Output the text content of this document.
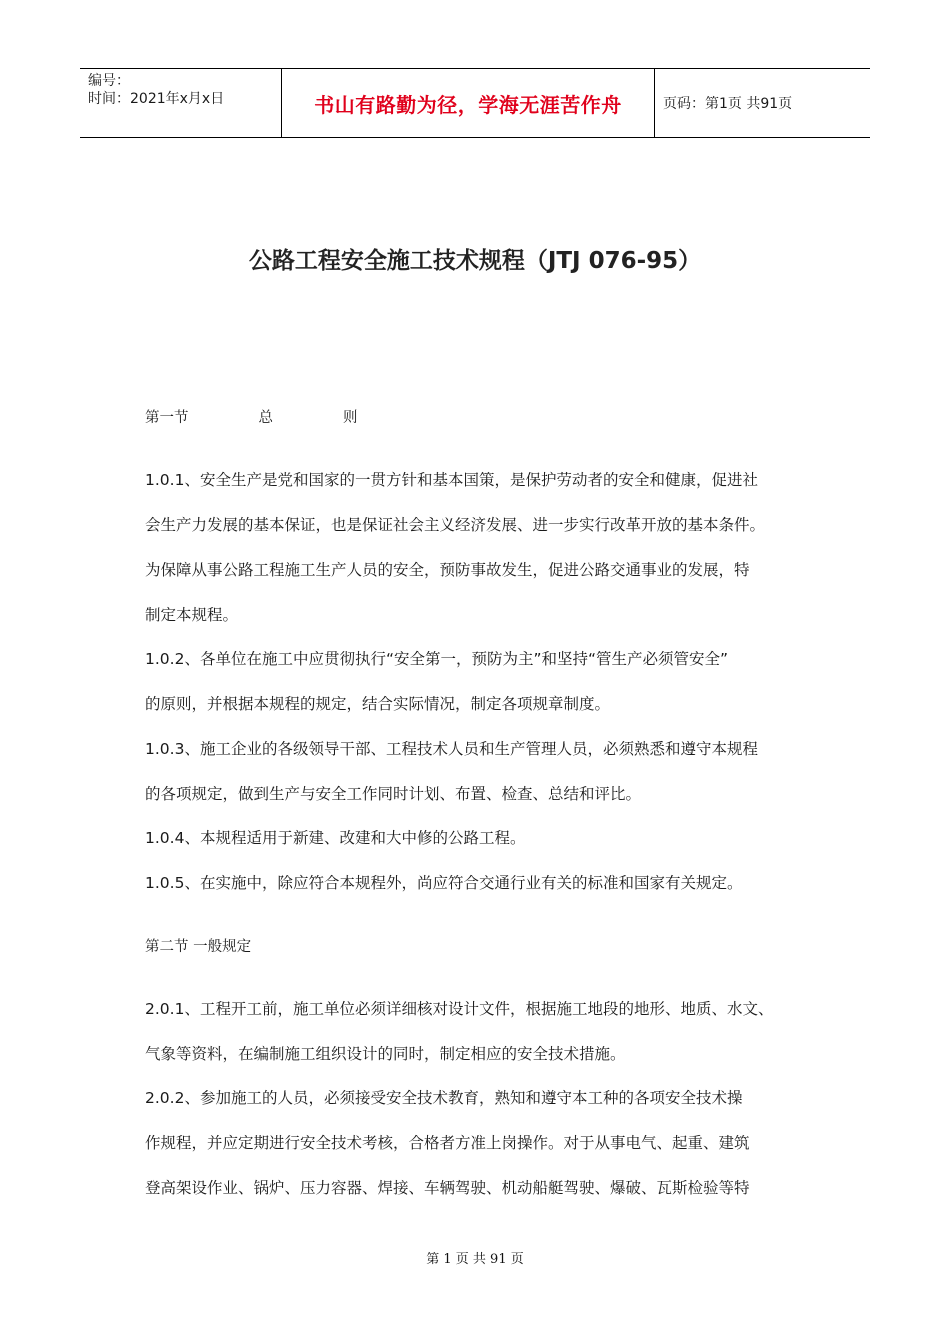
编号：
时间：2021年x月x日	书山有路勤为径，学海无涯苦作舟	页码：第1页 共91页
公路工程安全施工技术规程（JTJ 076-95）
第一节	总	则
1.0.1、安全生产是党和国家的一贯方针和基本国策，是保护劳动者的安全和健康，促进社
会生产力发展的基本保证，也是保证社会主义经济发展、进一步实行改革开放的基本条件。
为保障从事公路工程施工生产人员的安全，预防事故发生，促进公路交通事业的发展，特
制定本规程。
1.0.2、各单位在施工中应贯彻执行“安全第一，预防为主”和坚持“管生产必须管安全”
的原则，并根据本规程的规定，结合实际情况，制定各项规章制度。
1.0.3、施工企业的各级领导干部、工程技术人员和生产管理人员，必须熟悉和遵守本规程
的各项规定，做到生产与安全工作同时计划、布置、检查、总结和评比。
1.0.4、本规程适用于新建、改建和大中修的公路工程。
1.0.5、在实施中，除应符合本规程外，尚应符合交通行业有关的标准和国家有关规定。
第二节 一般规定
2.0.1、工程开工前，施工单位必须详细核对设计文件，根据施工地段的地形、地质、水文、
气象等资料，在编制施工组织设计的同时，制定相应的安全技术措施。
2.0.2、参加施工的人员，必须接受安全技术教育，熟知和遵守本工种的各项安全技术操
作规程，并应定期进行安全技术考核，合格者方准上岗操作。对于从事电气、起重、建筑
登高架设作业、锅炉、压力容器、焊接、车辆驾驶、机动船艇驾驶、爆破、瓦斯检验等特
第 1 页 共 91 页
